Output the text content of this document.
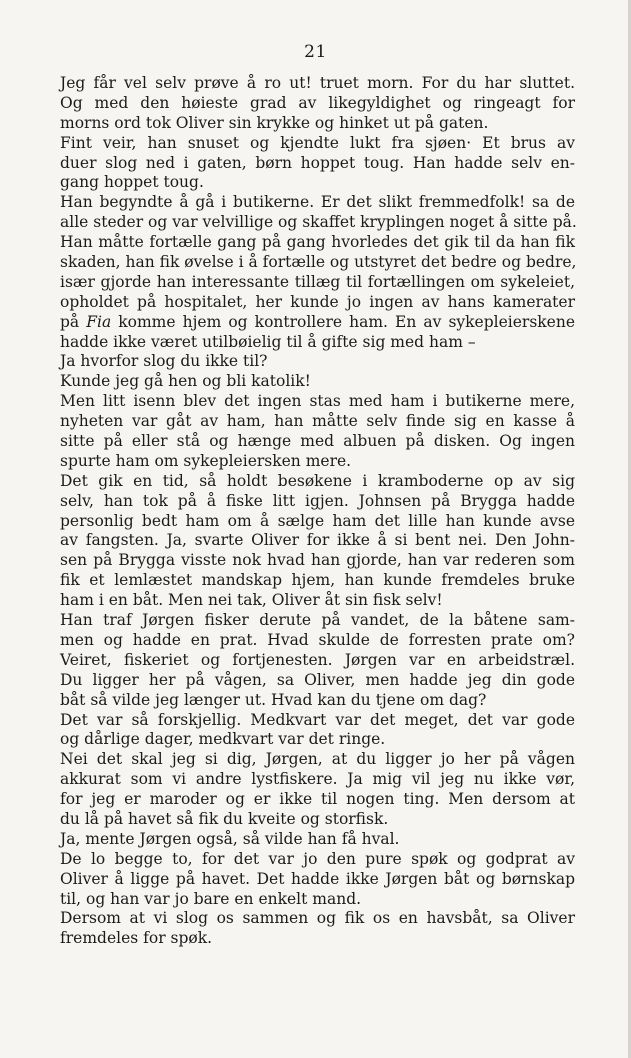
21
Jeg får vel selv prøve å ro ut! truet morn. For du har sluttet.
Og med den høieste grad av likegyldighet og ringeagt for
morns ord tok Oliver sin krykke og hinket ut på gaten.
Fint veir, han snuset og kjendte lukt fra sjøen· Et brus av
duer slog ned i gaten, børn hoppet toug. Han hadde selv en-
gang hoppet toug.
Han begyndte å gå i butikerne. Er det slikt fremmedfolk! sa de
alle steder og var velvillige og skaffet kryplingen noget å sitte på.
Han måtte fortælle gang på gang hvorledes det gik til da han fik
skaden, han fik øvelse i å fortælle og utstyret det bedre og bedre,
især gjorde han interessante tillæg til fortællingen om sykeleiet,
opholdet på hospitalet, her kunde jo ingen av hans kamerater
på Fia komme hjem og kontrollere ham. En av sykepleierskene
hadde ikke været utilbøielig til å gifte sig med ham –
Ja hvorfor slog du ikke til?
Kunde jeg gå hen og bli katolik!
Men litt isenn blev det ingen stas med ham i butikerne mere,
nyheten var gåt av ham, han måtte selv finde sig en kasse å
sitte på eller stå og hænge med albuen på disken. Og ingen
spurte ham om sykepleiersken mere.
Det gik en tid, så holdt besøkene i kramboderne op av sig
selv, han tok på å fiske litt igjen. Johnsen på Brygga hadde
personlig bedt ham om å sælge ham det lille han kunde avse
av fangsten. Ja, svarte Oliver for ikke å si bent nei. Den John-
sen på Brygga visste nok hvad han gjorde, han var rederen som
fik et lemlæstet mandskap hjem, han kunde fremdeles bruke
ham i en båt. Men nei tak, Oliver åt sin fisk selv!
Han traf Jørgen fisker derute på vandet, de la båtene sam-
men og hadde en prat. Hvad skulde de forresten prate om?
Veiret, fiskeriet og fortjenesten. Jørgen var en arbeidstræl.
Du ligger her på vågen, sa Oliver, men hadde jeg din gode
båt så vilde jeg længer ut. Hvad kan du tjene om dag?
Det var så forskjellig. Medkvart var det meget, det var gode
og dårlige dager, medkvart var det ringe.
Nei det skal jeg si dig, Jørgen, at du ligger jo her på vågen
akkurat som vi andre lystfiskere. Ja mig vil jeg nu ikke vør,
for jeg er maroder og er ikke til nogen ting. Men dersom at
du lå på havet så fik du kveite og storfisk.
Ja, mente Jørgen også, så vilde han få hval.
De lo begge to, for det var jo den pure spøk og godprat av
Oliver å ligge på havet. Det hadde ikke Jørgen båt og børnskap
til, og han var jo bare en enkelt mand.
Dersom at vi slog os sammen og fik os en havsbåt, sa Oliver
fremdeles for spøk.
